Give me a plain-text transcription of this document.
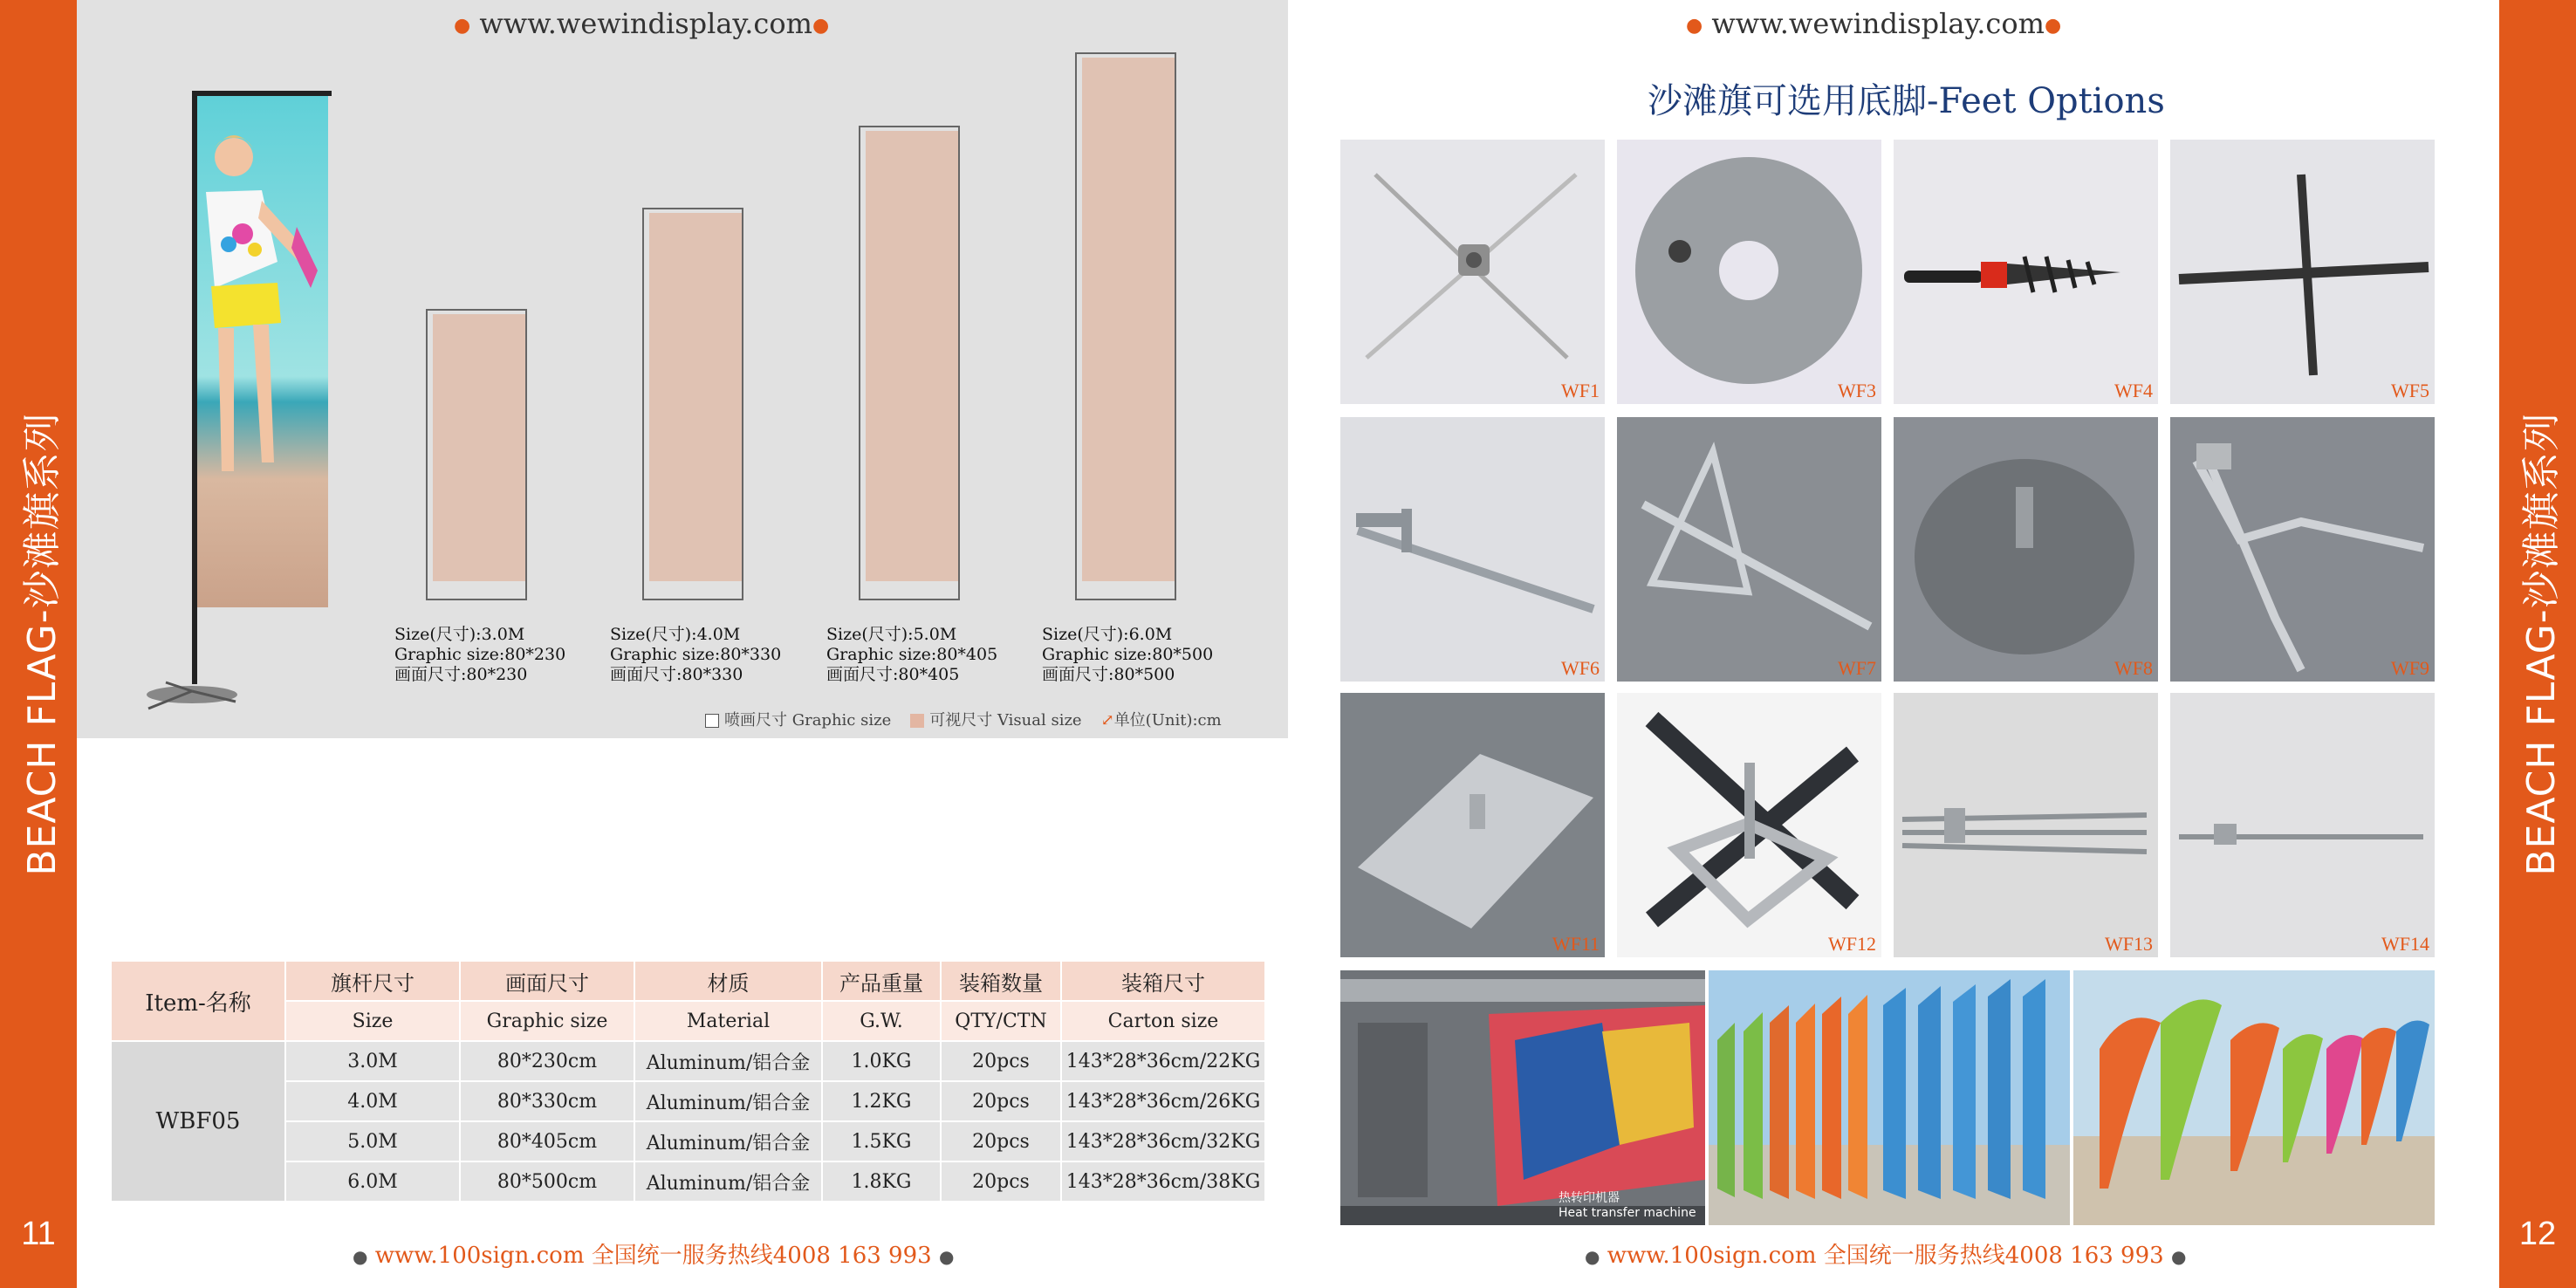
BEACH FLAG-沙滩旗系列
11
● www.wewindisplay.com●
Size(尺寸):3.0M
Graphic size:80*230
画面尺寸:80*230
Size(尺寸):4.0M
Graphic size:80*330
画面尺寸:80*330
Size(尺寸):5.0M
Graphic size:80*405
画面尺寸:80*405
Size(尺寸):6.0M
Graphic size:80*500
画面尺寸:80*500
喷画尺寸 Graphic size	可视尺寸 Visual size ⤢单位(Unit):cm
Item-名称	旗杆尺寸	画面尺寸	材质	产品重量	装箱数量	装箱尺寸
	Size	Graphic size	Material	G.W.	QTY/CTN	Carton size
WBF05	3.0M	80*230cm	Aluminum/铝合金	1.0KG	20pcs	143*28*36cm/22KG
	4.0M	80*330cm	Aluminum/铝合金	1.2KG	20pcs	143*28*36cm/26KG
	5.0M	80*405cm	Aluminum/铝合金	1.5KG	20pcs	143*28*36cm/32KG
	6.0M	80*500cm	Aluminum/铝合金	1.8KG	20pcs	143*28*36cm/38KG
● www.100sign.com 全国统一服务热线4008 163 993 ●
BEACH FLAG-沙滩旗系列
12
● www.wewindisplay.com●
沙滩旗可选用底脚-Feet Options
WF1	WF3	WF4	WF5
WF6	WF7	WF8	WF9
WF11	WF12	WF13	WF14
热转印机器
Heat transfer machine
● www.100sign.com 全国统一服务热线4008 163 993 ●
